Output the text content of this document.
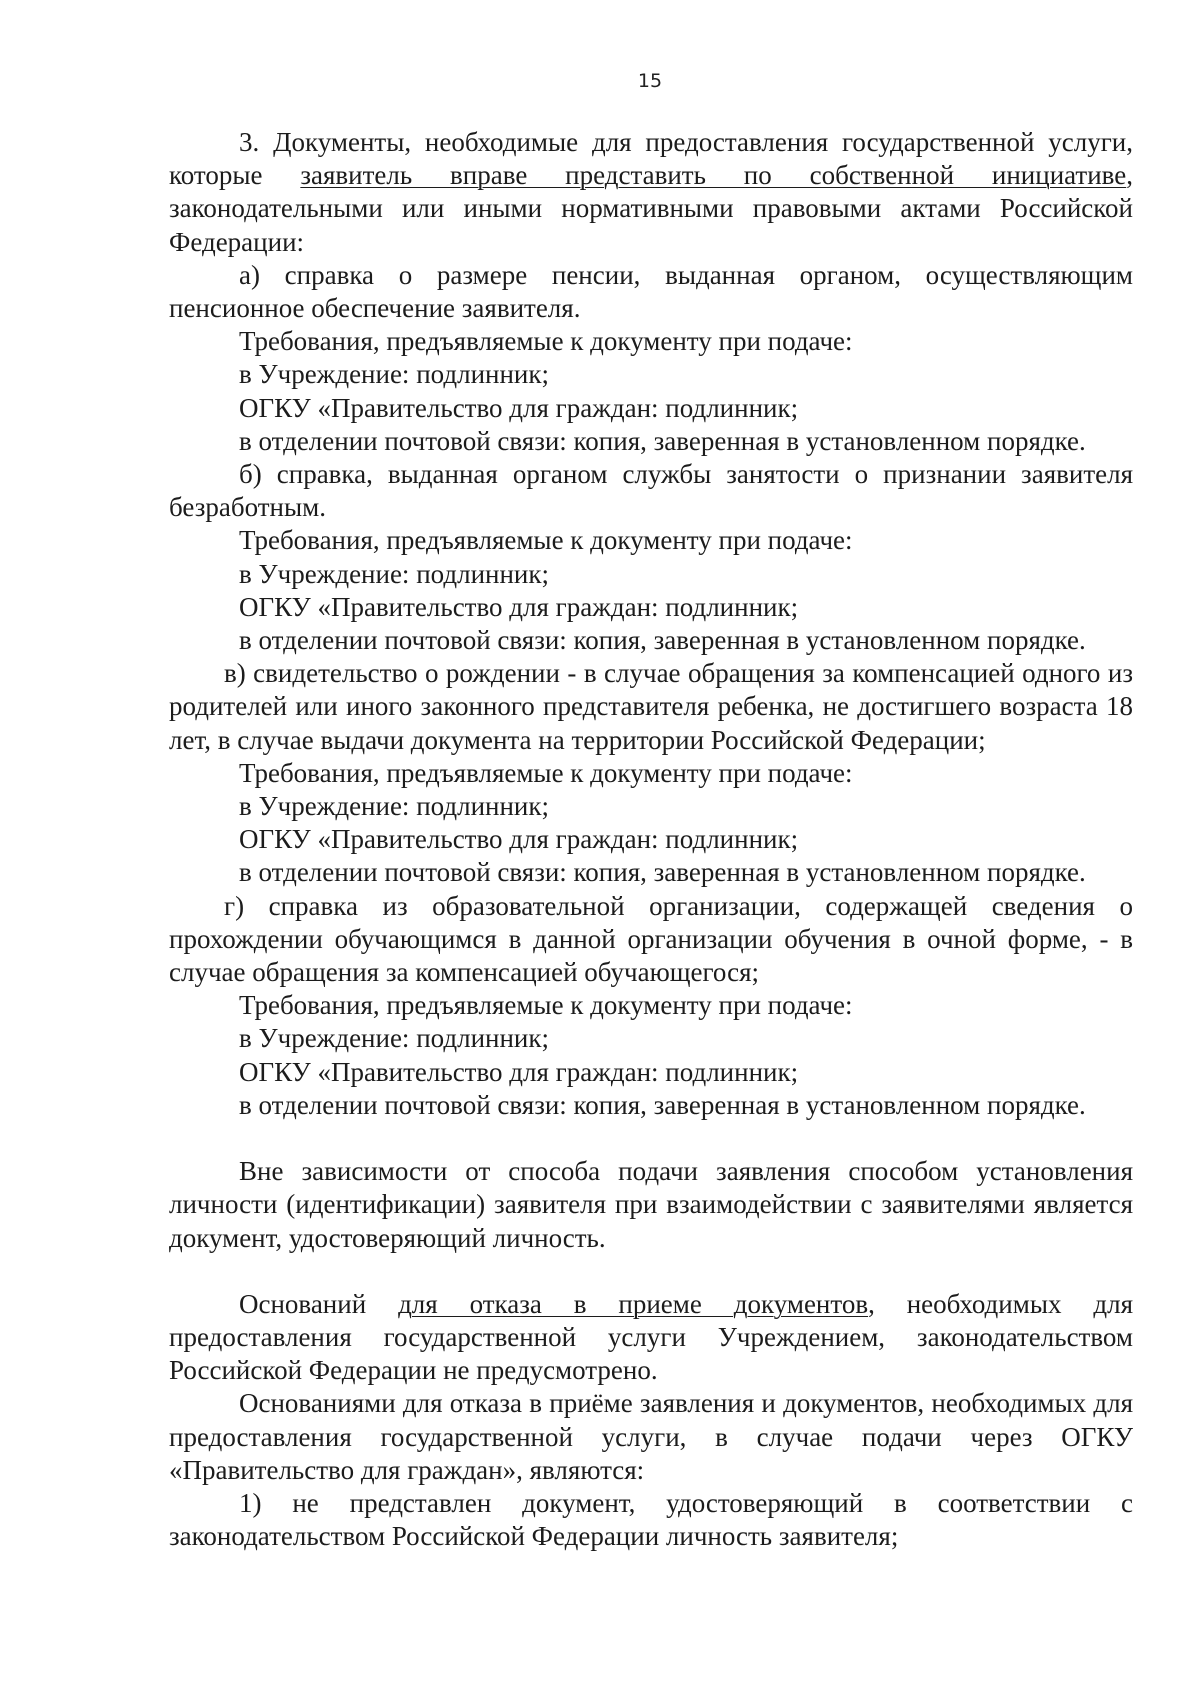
15

3. Документы, необходимые для предоставления государственной услуги, которые заявитель вправе представить по собственной инициативе, законодательными или иными нормативными правовыми актами Российской Федерации:

а) справка о размере пенсии, выданная органом, осуществляющим пенсионное обеспечение заявителя.

Требования, предъявляемые к документу при подаче:

в Учреждение: подлинник;

ОГКУ «Правительство для граждан: подлинник;

в отделении почтовой связи: копия, заверенная в установленном порядке.

б) справка, выданная органом службы занятости о признании заявителя безработным.

Требования, предъявляемые к документу при подаче:

в Учреждение: подлинник;

ОГКУ «Правительство для граждан: подлинник;

в отделении почтовой связи: копия, заверенная в установленном порядке.

в) свидетельство о рождении - в случае обращения за компенсацией одного из родителей или иного законного представителя ребенка, не достигшего возраста 18 лет, в случае выдачи документа на территории Российской Федерации;

Требования, предъявляемые к документу при подаче:

в Учреждение: подлинник;

ОГКУ «Правительство для граждан: подлинник;

в отделении почтовой связи: копия, заверенная в установленном порядке.

г) справка из образовательной организации, содержащей сведения о прохождении обучающимся в данной организации обучения в очной форме, - в случае обращения за компенсацией обучающегося;

Требования, предъявляемые к документу при подаче:

в Учреждение: подлинник;

ОГКУ «Правительство для граждан: подлинник;

в отделении почтовой связи: копия, заверенная в установленном порядке.

Вне зависимости от способа подачи заявления способом установления личности (идентификации) заявителя при взаимодействии с заявителями является документ, удостоверяющий личность.

Оснований для отказа в приеме документов, необходимых для предоставления государственной услуги Учреждением, законодательством Российской Федерации не предусмотрено.

Основаниями для отказа в приёме заявления и документов, необходимых для предоставления государственной услуги, в случае подачи через ОГКУ «Правительство для граждан», являются:

1) не представлен документ, удостоверяющий в соответствии с законодательством Российской Федерации личность заявителя;
